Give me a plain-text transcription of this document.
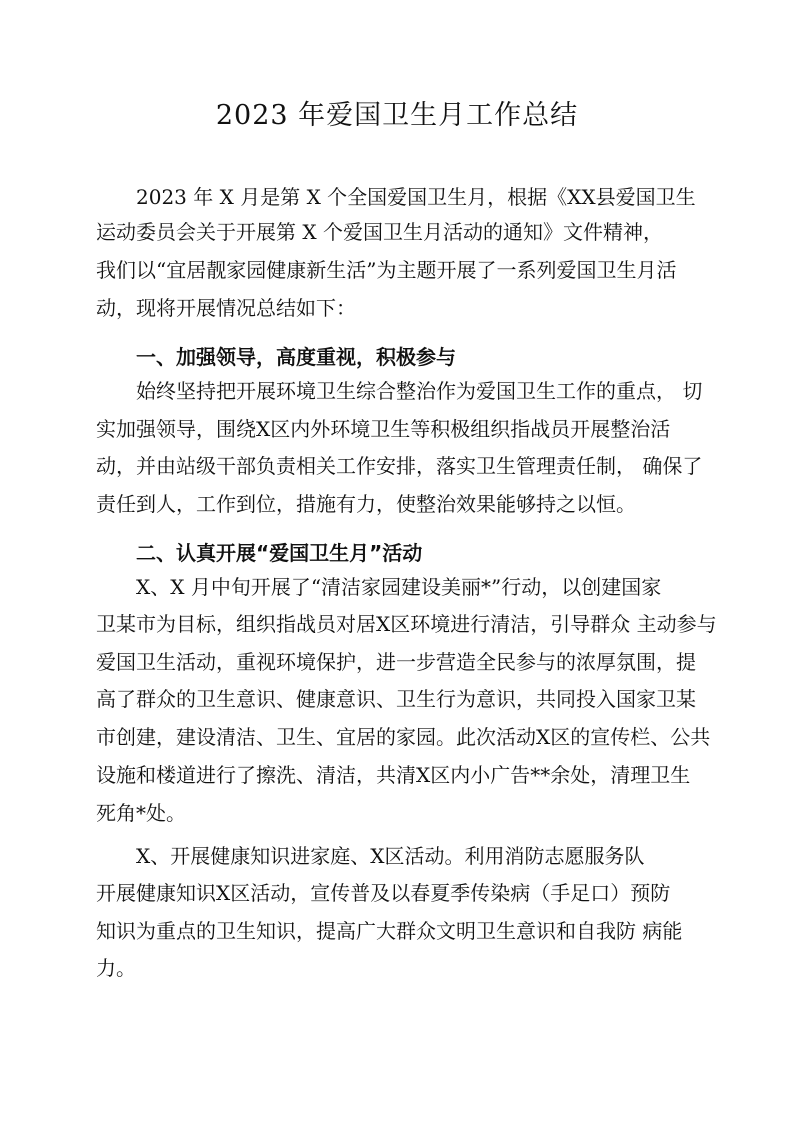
2023 年爱国卫生月工作总结
2023 年 X 月是第 X 个全国爱国卫生月，根据《XX县爱国卫生
运动委员会关于开展第 X 个爱国卫生月活动的通知》文件精神，
我们以“宜居靓家园健康新生活”为主题开展了一系列爱国卫生月活
动，现将开展情况总结如下：
一、加强领导，高度重视，积极参与
始终坚持把开展环境卫生综合整治作为爱国卫生工作的重点， 切
实加强领导，围绕X区内外环境卫生等积极组织指战员开展整治活
动，并由站级干部负责相关工作安排，落实卫生管理责任制， 确保了
责任到人，工作到位，措施有力，使整治效果能够持之以恒。
二、认真开展“爱国卫生月”活动
X、X 月中旬开展了“清洁家园建设美丽*”行动，以创建国家
卫某市为目标，组织指战员对居X区环境进行清洁，引导群众 主动参与
爱国卫生活动，重视环境保护，进一步营造全民参与的浓厚氛围，提
高了群众的卫生意识、健康意识、卫生行为意识，共同投入国家卫某
市创建，建设清洁、卫生、宜居的家园。此次活动X区的宣传栏、公共
设施和楼道进行了擦洗、清洁，共清X区内小广告**余处，清理卫生
死角*处。
X、开展健康知识进家庭、X区活动。利用消防志愿服务队
开展健康知识X区活动，宣传普及以春夏季传染病（手足口）预防
知识为重点的卫生知识，提高广大群众文明卫生意识和自我防 病能
力。
